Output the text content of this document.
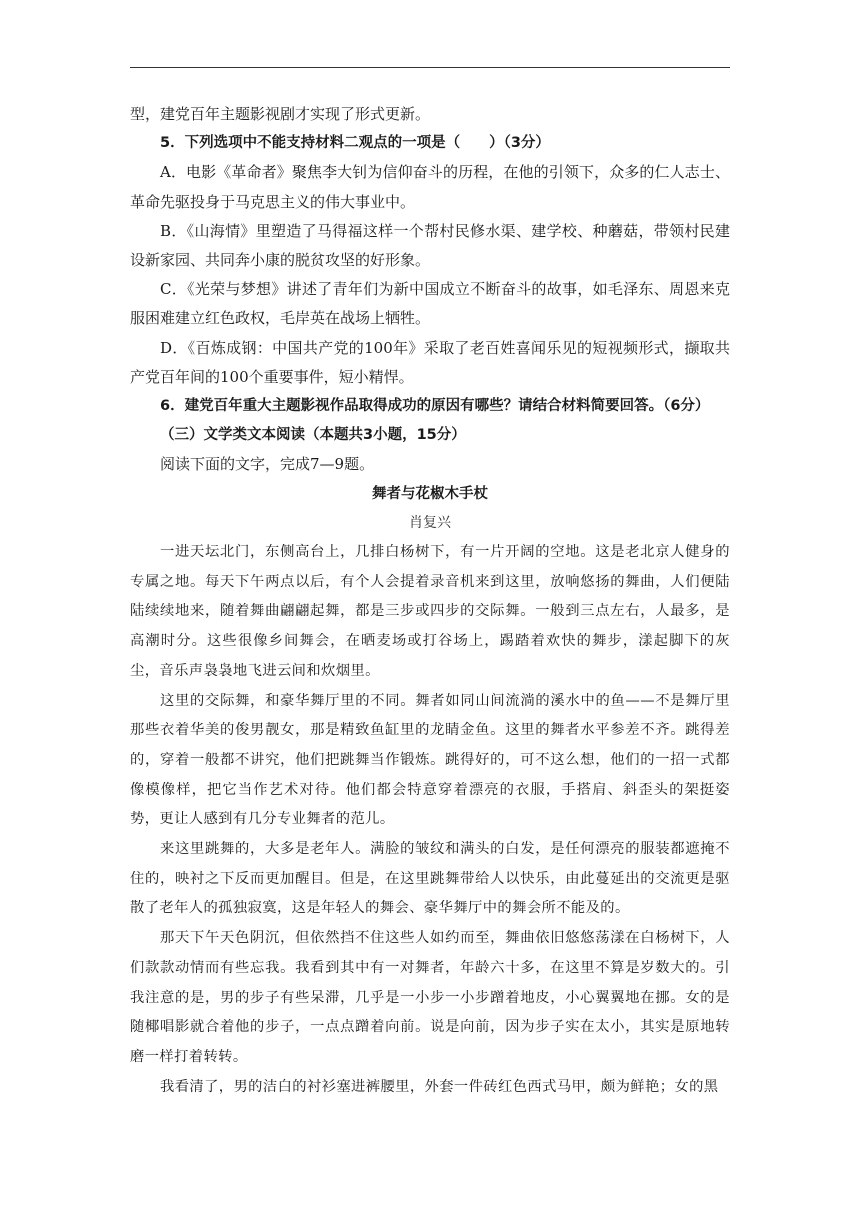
型，建党百年主题影视剧才实现了形式更新。

5．下列选项中不能支持材料二观点的一项是（　　）（3分）

A．电影《革命者》聚焦李大钊为信仰奋斗的历程，在他的引领下，众多的仁人志士、革命先驱投身于马克思主义的伟大事业中。

B．《山海情》里塑造了马得福这样一个帮村民修水渠、建学校、种蘑菇，带领村民建设新家园、共同奔小康的脱贫攻坚的好形象。

C．《光荣与梦想》讲述了青年们为新中国成立不断奋斗的故事，如毛泽东、周恩来克服困难建立红色政权，毛岸英在战场上牺牲。

D．《百炼成钢：中国共产党的100年》采取了老百姓喜闻乐见的短视频形式，撷取共产党百年间的100个重要事件，短小精悍。

6．建党百年重大主题影视作品取得成功的原因有哪些？请结合材料简要回答。（6分）

（三）文学类文本阅读（本题共3小题，15分）

阅读下面的文字，完成7—9题。

舞者与花椒木手杖

肖复兴

一进天坛北门，东侧高台上，几排白杨树下，有一片开阔的空地。这是老北京人健身的专属之地。每天下午两点以后，有个人会提着录音机来到这里，放响悠扬的舞曲，人们便陆陆续续地来，随着舞曲翩翩起舞，都是三步或四步的交际舞。一般到三点左右，人最多，是高潮时分。这些很像乡间舞会，在晒麦场或打谷场上，踢踏着欢快的舞步，漾起脚下的灰尘，音乐声袅袅地飞进云间和炊烟里。

这里的交际舞，和豪华舞厅里的不同。舞者如同山间流淌的溪水中的鱼——不是舞厅里那些衣着华美的俊男靓女，那是精致鱼缸里的龙睛金鱼。这里的舞者水平参差不齐。跳得差的，穿着一般都不讲究，他们把跳舞当作锻炼。跳得好的，可不这么想，他们的一招一式都像模像样，把它当作艺术对待。他们都会特意穿着漂亮的衣服，手搭肩、斜歪头的架挺姿势，更让人感到有几分专业舞者的范儿。

来这里跳舞的，大多是老年人。满脸的皱纹和满头的白发，是任何漂亮的服装都遮掩不住的，映衬之下反而更加醒目。但是，在这里跳舞带给人以快乐，由此蔓延出的交流更是驱散了老年人的孤独寂寞，这是年轻人的舞会、豪华舞厅中的舞会所不能及的。

那天下午天色阴沉，但依然挡不住这些人如约而至，舞曲依旧悠悠荡漾在白杨树下，人们款款动情而有些忘我。我看到其中有一对舞者，年龄六十多，在这里不算是岁数大的。引我注意的是，男的步子有些呆滞，几乎是一小步一小步蹭着地皮，小心翼翼地在挪。女的是随椰唱影就合着他的步子，一点点蹭着向前。说是向前，因为步子实在太小，其实是原地转磨一样打着转转。

我看清了，男的洁白的衬衫塞进裤腰里，外套一件砖红色西式马甲，颇为鲜艳；女的黑
